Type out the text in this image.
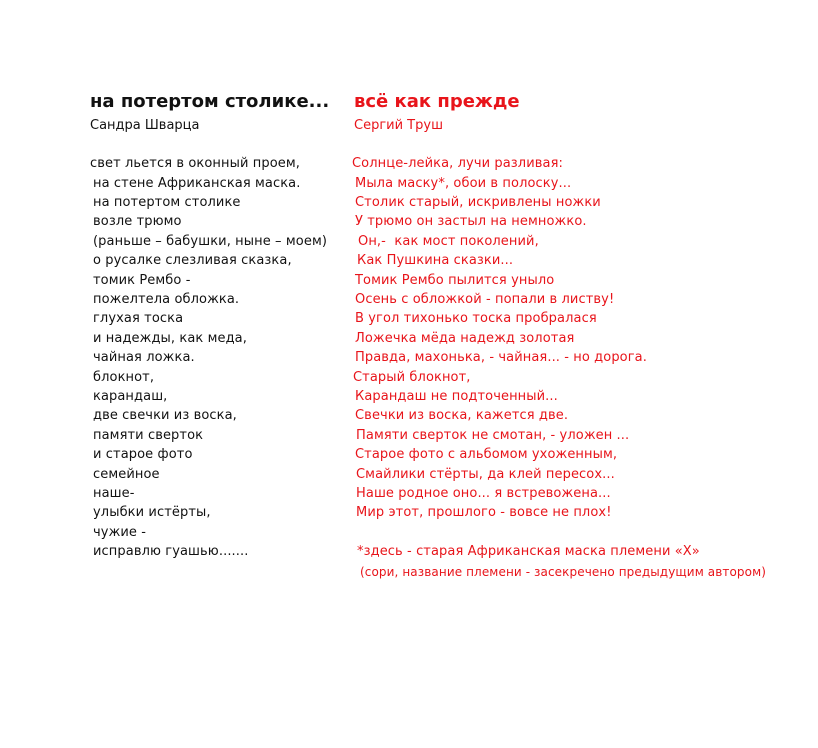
на потертом столике...
Сандра Шварца
свет льется в оконный проем,
на стене Африканская маска.
на потертом столике
возле трюмо
(раньше – бабушки, ныне – моем)
о русалке слезливая сказка,
томик Рембо -
пожелтела обложка.
глухая тоска
и надежды, как меда,
чайная ложка.
блокнот,
карандаш,
две свечки из воска,
памяти сверток
и старое фото
семейное
наше-
улыбки истёрты,
чужие -
исправлю гуашью.......
всё как прежде
Сергий Труш
Солнце-лейка, лучи разливая:
Мыла маску*, обои в полоску...
Столик старый, искривлены ножки
У трюмо он застыл на немножко.
Он,-  как мост поколений,
Как Пушкина сказки...
Томик Рембо пылится уныло
Осень с обложкой - попали в листву!
В угол тихонько тоска пробралася
Ложечка мёда надежд золотая
Правда, махонька, - чайная... - но дорога.
Старый блокнот,
Карандаш не подточенный...
Свечки из воска, кажется две.
Памяти сверток не смотан, - уложен ...
Старое фото с альбомом ухоженным,
Смайлики стёрты, да клей пересох...
Наше родное оно... я встревожена...
Мир этот, прошлого - вовсе не плох!
*здесь - старая Африканская маска племени «Х»
(сори, название племени - засекречено предыдущим автором)
